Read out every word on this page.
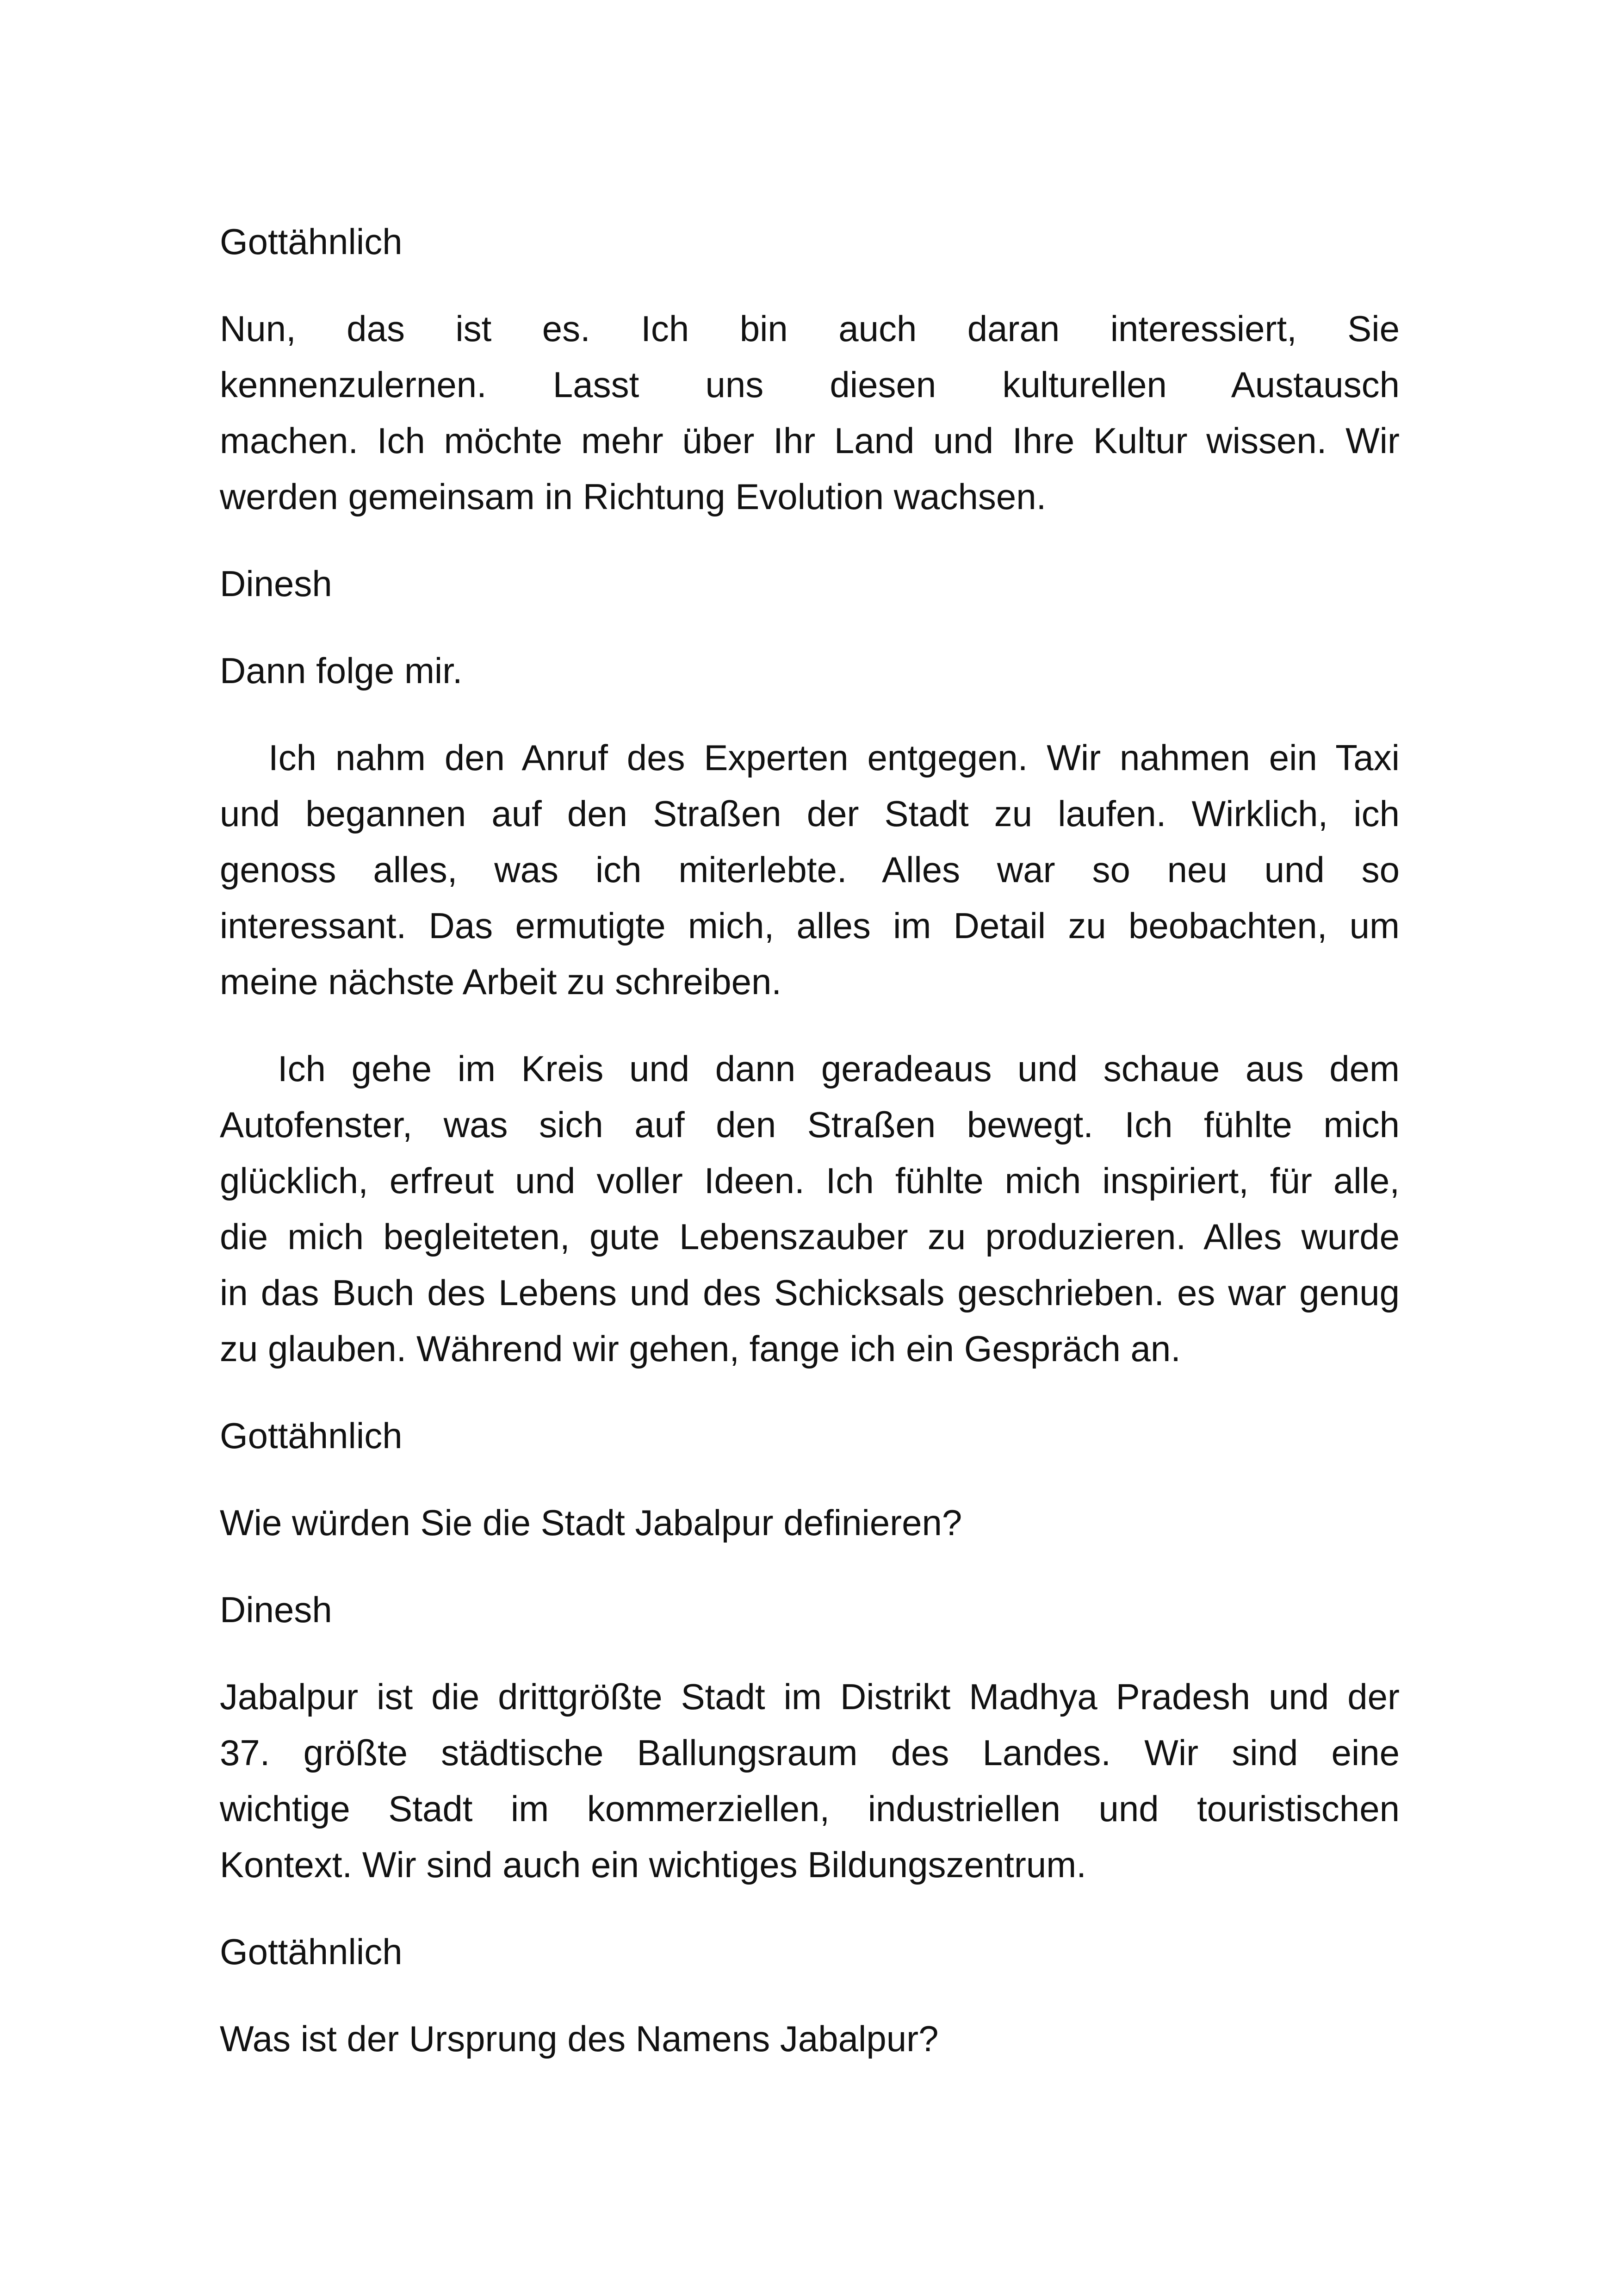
Gottähnlich
Nun, das ist es. Ich bin auch daran interessiert, Sie
kennenzulernen. Lasst uns diesen kulturellen Austausch
machen. Ich möchte mehr über Ihr Land und Ihre Kultur wissen. Wir
werden gemeinsam in Richtung Evolution wachsen.
Dinesh
Dann folge mir.
Ich nahm den Anruf des Experten entgegen. Wir nahmen ein Taxi
und begannen auf den Straßen der Stadt zu laufen. Wirklich, ich
genoss alles, was ich miterlebte. Alles war so neu und so
interessant. Das ermutigte mich, alles im Detail zu beobachten, um
meine nächste Arbeit zu schreiben.
Ich gehe im Kreis und dann geradeaus und schaue aus dem
Autofenster, was sich auf den Straßen bewegt. Ich fühlte mich
glücklich, erfreut und voller Ideen. Ich fühlte mich inspiriert, für alle,
die mich begleiteten, gute Lebenszauber zu produzieren. Alles wurde
in das Buch des Lebens und des Schicksals geschrieben. es war genug
zu glauben. Während wir gehen, fange ich ein Gespräch an.
Gottähnlich
Wie würden Sie die Stadt Jabalpur definieren?
Dinesh
Jabalpur ist die drittgrößte Stadt im Distrikt Madhya Pradesh und der
37. größte städtische Ballungsraum des Landes. Wir sind eine
wichtige Stadt im kommerziellen, industriellen und touristischen
Kontext. Wir sind auch ein wichtiges Bildungszentrum.
Gottähnlich
Was ist der Ursprung des Namens Jabalpur?
